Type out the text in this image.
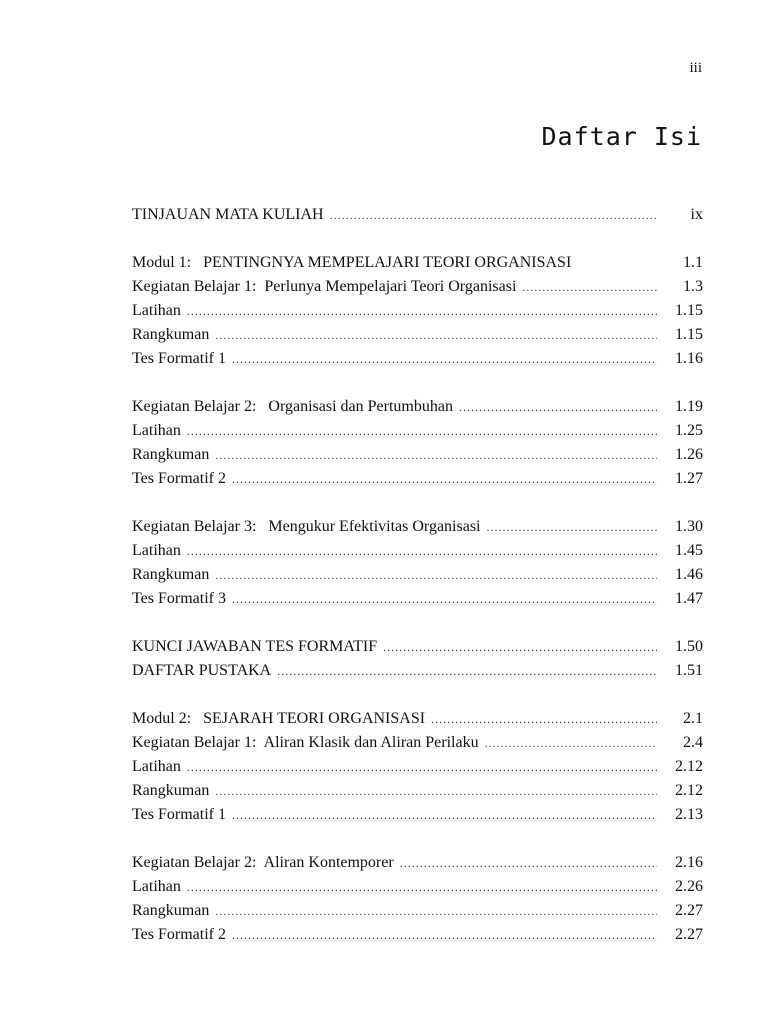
iii
Daftar Isi
TINJAUAN MATA KULIAH .....	ix
Modul 1:   PENTINGNYA MEMPELAJARI TEORI ORGANISASI	1.1
Kegiatan Belajar 1:  Perlunya Mempelajari Teori Organisasi .....	1.3
Latihan .....	1.15
Rangkuman .....	1.15
Tes Formatif 1 .....	1.16
Kegiatan Belajar 2:   Organisasi dan Pertumbuhan .....	1.19
Latihan .....	1.25
Rangkuman .....	1.26
Tes Formatif 2 .....	1.27
Kegiatan Belajar 3:   Mengukur Efektivitas Organisasi .....	1.30
Latihan .....	1.45
Rangkuman .....	1.46
Tes Formatif 3 .....	1.47
KUNCI JAWABAN TES FORMATIF .....	1.50
DAFTAR PUSTAKA .....	1.51
Modul 2:   SEJARAH TEORI ORGANISASI .....	2.1
Kegiatan Belajar 1:  Aliran Klasik dan Aliran Perilaku .....	2.4
Latihan .....	2.12
Rangkuman .....	2.12
Tes Formatif 1 .....	2.13
Kegiatan Belajar 2:  Aliran Kontemporer .....	2.16
Latihan .....	2.26
Rangkuman .....	2.27
Tes Formatif 2 .....	2.27
